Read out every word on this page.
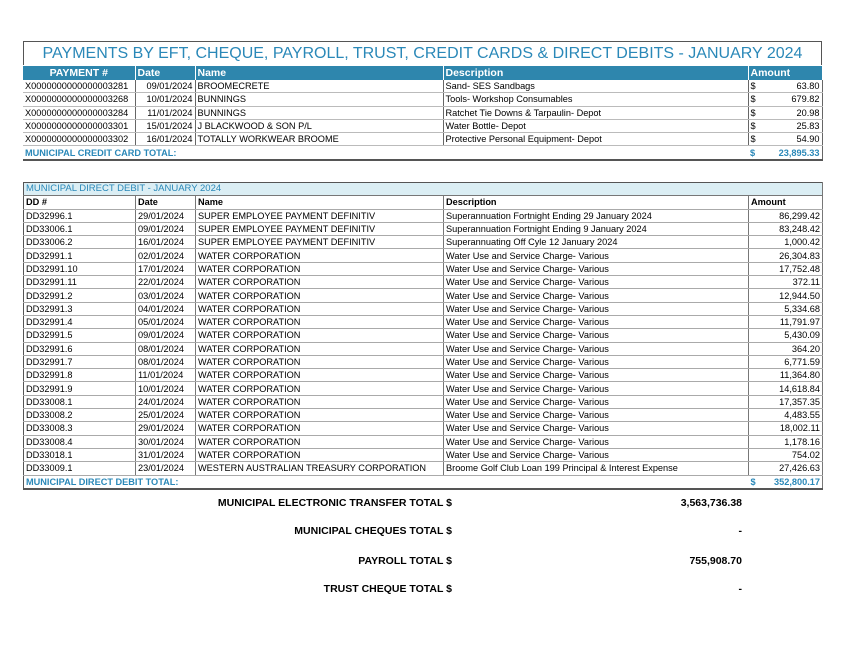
PAYMENTS BY EFT, CHEQUE, PAYROLL, TRUST, CREDIT CARDS & DIRECT DEBITS - JANUARY 2024
PAYMENT #	Date	Name	Description	Amount	
X0000000000000003281	09/01/2024	BROOMECRETE	Sand- SES Sandbags	$	63.80
X0000000000000003268	10/01/2024	BUNNINGS	Tools- Workshop Consumables	$	679.82
X0000000000000003284	11/01/2024	BUNNINGS	Ratchet Tie Downs & Tarpaulin- Depot	$	20.98
X0000000000000003301	15/01/2024	J BLACKWOOD & SON P/L	Water Bottle- Depot	$	25.83
X0000000000000003302	16/01/2024	TOTALLY WORKWEAR BROOME	Protective Personal Equipment- Depot	$	54.90
MUNICIPAL CREDIT CARD TOTAL:				$	23,895.33
MUNICIPAL DIRECT DEBIT - JANUARY 2024					
DD #	Date	Name	Description	Amount	
DD32996.1	29/01/2024	SUPER EMPLOYEE PAYMENT DEFINITIV	Superannuation Fortnight Ending 29 January 2024	86,299.42	
DD33006.1	09/01/2024	SUPER EMPLOYEE PAYMENT DEFINITIV	Superannuation Fortnight Ending 9 January 2024	83,248.42	
DD33006.2	16/01/2024	SUPER EMPLOYEE PAYMENT DEFINITIV	Superannuating Off Cyle 12 January 2024	1,000.42	
DD32991.1	02/01/2024	WATER CORPORATION	Water Use and Service Charge- Various	26,304.83	
DD32991.10	17/01/2024	WATER CORPORATION	Water Use and Service Charge- Various	17,752.48	
DD32991.11	22/01/2024	WATER CORPORATION	Water Use and Service Charge- Various	372.11	
DD32991.2	03/01/2024	WATER CORPORATION	Water Use and Service Charge- Various	12,944.50	
DD32991.3	04/01/2024	WATER CORPORATION	Water Use and Service Charge- Various	5,334.68	
DD32991.4	05/01/2024	WATER CORPORATION	Water Use and Service Charge- Various	11,791.97	
DD32991.5	09/01/2024	WATER CORPORATION	Water Use and Service Charge- Various	5,430.09	
DD32991.6	08/01/2024	WATER CORPORATION	Water Use and Service Charge- Various	364.20	
DD32991.7	08/01/2024	WATER CORPORATION	Water Use and Service Charge- Various	6,771.59	
DD32991.8	11/01/2024	WATER CORPORATION	Water Use and Service Charge- Various	11,364.80	
DD32991.9	10/01/2024	WATER CORPORATION	Water Use and Service Charge- Various	14,618.84	
DD33008.1	24/01/2024	WATER CORPORATION	Water Use and Service Charge- Various	17,357.35	
DD33008.2	25/01/2024	WATER CORPORATION	Water Use and Service Charge- Various	4,483.55	
DD33008.3	29/01/2024	WATER CORPORATION	Water Use and Service Charge- Various	18,002.11	
DD33008.4	30/01/2024	WATER CORPORATION	Water Use and Service Charge- Various	1,178.16	
DD33018.1	31/01/2024	WATER CORPORATION	Water Use and Service Charge- Various	754.02	
DD33009.1	23/01/2024	WESTERN AUSTRALIAN TREASURY CORPORATION	Broome Golf Club Loan 199 Principal & Interest Expense	27,426.63	
MUNICIPAL DIRECT DEBIT TOTAL:				$	352,800.17
MUNICIPAL ELECTRONIC TRANSFER TOTAL $	3,563,736.38
MUNICIPAL CHEQUES TOTAL $	-
PAYROLL TOTAL $	755,908.70
TRUST CHEQUE TOTAL $	-
